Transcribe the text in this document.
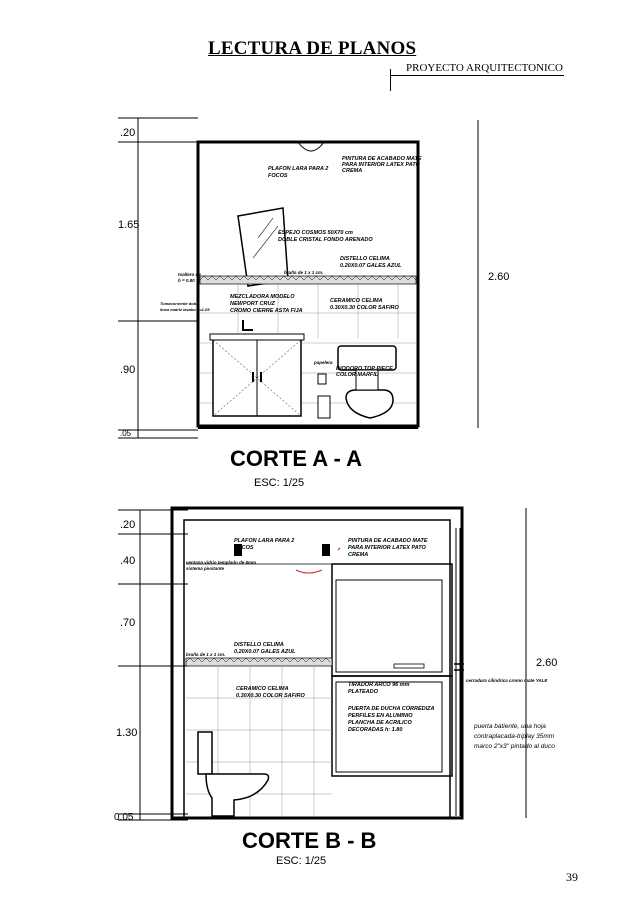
LECTURA DE PLANOS
PROYECTO ARQUITECTONICO
.20
1.65
.90
.05
2.60
PLAFON LARA PARA 2
FOCOS
PINTURA DE ACABADO MATE
PARA INTERIOR LATEX PATO
CREMA
ESPEJO COSMOS 50X70 cm
DOBLE CRISTAL FONDO ARENADO
DISTELLO CELIMA
0.20X0.07 GALES AZUL
bruña de 1 x 1 cm.
toallero de
h = 0.80
Tomacorriente doble
linea matriz lavabo h=1.05
MEZCLADORA MODELO
NEWPORT CRUZ
CROMO CIERRE ASTA FIJA
CERAMICO CELIMA
0.30X0.30 COLOR SAFIRO
papelera
INODORO TOP PIECE
COLOR MARFIL
CORTE A - A
ESC: 1/25
.20
.40
.70
1.30
0.05
2.60
PLAFON LARA PARA 2
FOCOS
PINTURA DE ACABADO MATE
PARA INTERIOR LATEX PATO
CREMA
ventana vidrio templado de 6mm
sistema pivotante
DISTELLO CELIMA
0.20X0.07 GALES AZUL
bruña de 1 x 1 cm.
CERAMICO CELIMA
0.30X0.30 COLOR SAFIRO
TIRADOR ARCO 96 mm
PLATEADO
PUERTA DE DUCHA CORREDIZA
PERFILES EN ALUMINIO
PLANCHA DE ACRILICO
DECORADAS h: 1.80
cerradura cilindrica cromo mate YALE
puerta batiente, una hoja
contraplacada-triplay 35mm
marco 2"x3" pintado al duco
CORTE B - B
ESC: 1/25
39
